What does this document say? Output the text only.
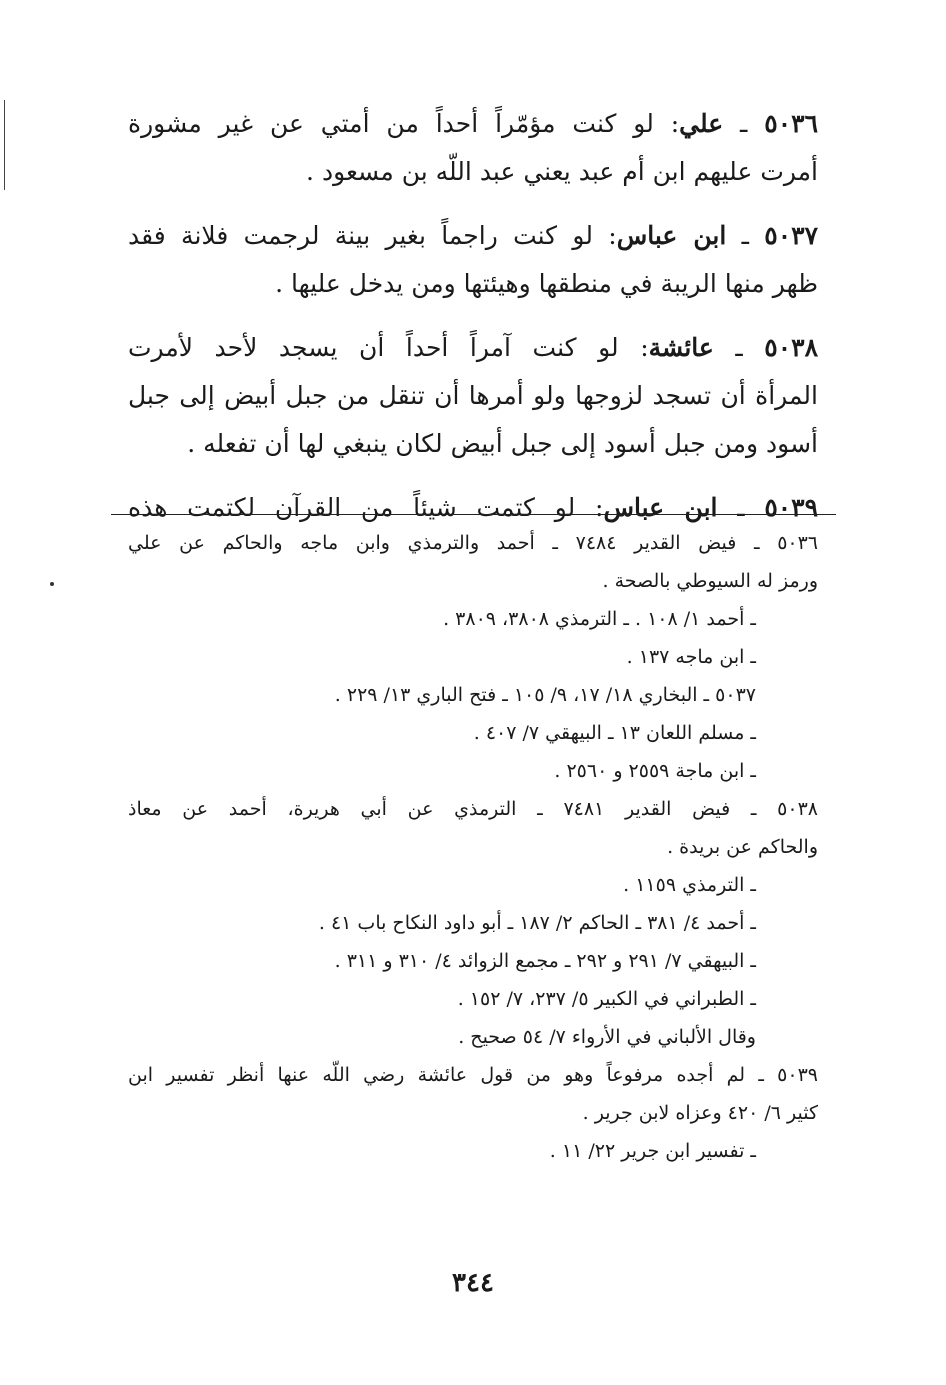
٥٠٣٦ ـ علي: لو كنت مؤمّراً أحداً من أمتي عن غير مشورة
أمرت عليهم ابن أم عبد يعني عبد اللّه بن مسعود .
٥٠٣٧ ـ ابن عباس: لو كنت راجماً بغير بينة لرجمت فلانة فقد
ظهر منها الريبة في منطقها وهيئتها ومن يدخل عليها .
٥٠٣٨ ـ عائشة: لو كنت آمراً أحداً أن يسجد لأحد لأمرت
المرأة أن تسجد لزوجها ولو أمرها أن تنقل من جبل أبيض إلى جبل
أسود ومن جبل أسود إلى جبل أبيض لكان ينبغي لها أن تفعله .
٥٠٣٩ ـ ابن عباس: لو كتمت شيئاً من القرآن لكتمت هذه
٥٠٣٦ ـ فيض القدير ٧٤٨٤ ـ أحمد والترمذي وابن ماجه والحاكم عن علي
ورمز له السيوطي بالصحة .
ـ أحمد ١/ ١٠٨ . ـ الترمذي ٣٨٠٨، ٣٨٠٩ .
ـ ابن ماجه ١٣٧ .
٥٠٣٧ ـ البخاري ١٨/ ١٧، ٩/ ١٠٥ ـ فتح الباري ١٣/ ٢٢٩ .
ـ مسلم اللعان ١٣ ـ البيهقي ٧/ ٤٠٧ .
ـ ابن ماجة ٢٥٥٩ و ٢٥٦٠ .
٥٠٣٨ ـ فيض القدير ٧٤٨١ ـ الترمذي عن أبي هريرة، أحمد عن معاذ
والحاكم عن بريدة .
ـ الترمذي ١١٥٩ .
ـ أحمد ٤/ ٣٨١ ـ الحاكم ٢/ ١٨٧ ـ أبو داود النكاح باب ٤١ .
ـ البيهقي ٧/ ٢٩١ و ٢٩٢ ـ مجمع الزوائد ٤/ ٣١٠ و ٣١١ .
ـ الطبراني في الكبير ٥/ ٢٣٧، ٧/ ١٥٢ .
وقال الألباني في الأرواء ٧/ ٥٤ صحيح .
٥٠٣٩ ـ لم أجده مرفوعاً وهو من قول عائشة رضي اللّه عنها أنظر تفسير ابن
كثير ٦/ ٤٢٠ وعزاه لابن جرير .
ـ تفسير ابن جرير ٢٢/ ١١ .
٣٤٤
